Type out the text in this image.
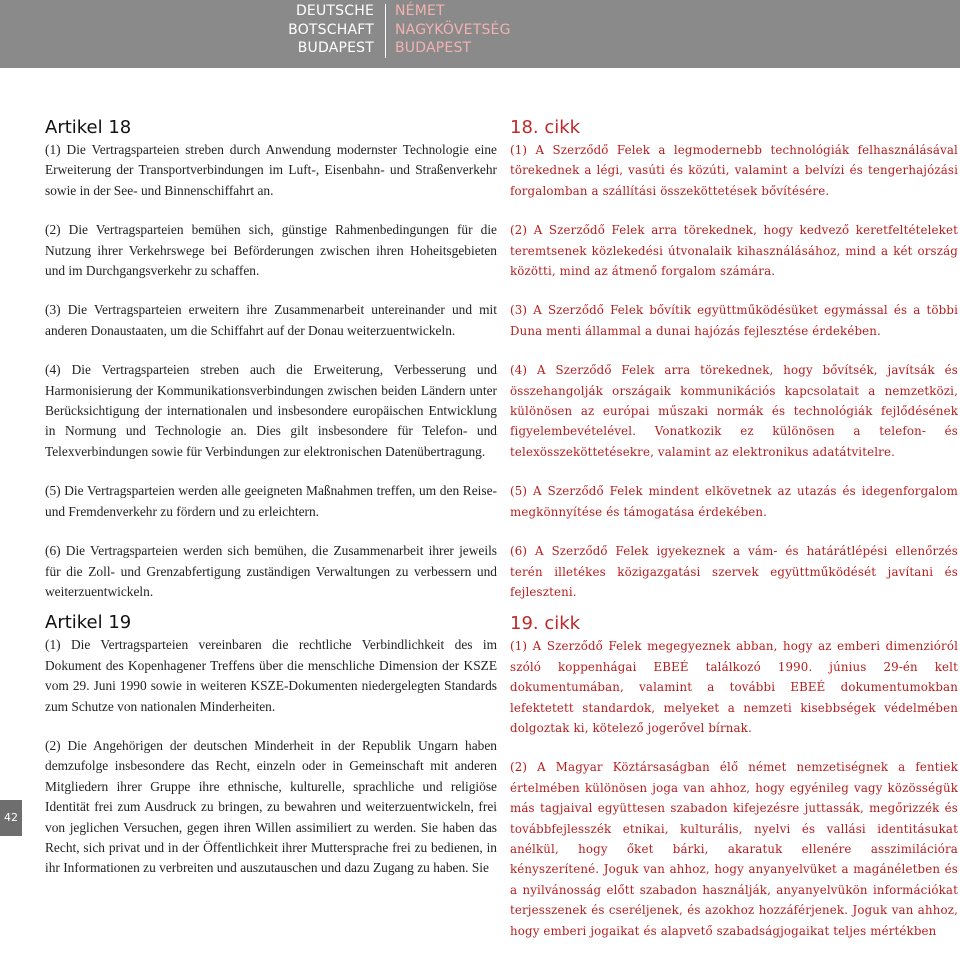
DEUTSCHE
BOTSCHAFT
BUDAPEST
NÉMET
NAGYKÖVETSÉG
BUDAPEST
Artikel 18

(1) Die Vertragsparteien streben durch Anwendung modernster Technologie eine Erweiterung der Transportverbindungen im Luft-, Eisenbahn- und Straßenverkehr sowie in der See- und Binnenschiffahrt an.

(2) Die Vertragsparteien bemühen sich, günstige Rahmenbedingungen für die Nutzung ihrer Verkehrswege bei Beförderungen zwischen ihren Hoheitsgebieten und im Durchgangsverkehr zu schaffen.

(3) Die Vertragsparteien erweitern ihre Zusammenarbeit untereinander und mit anderen Donaustaaten, um die Schiffahrt auf der Donau weiterzuentwickeln.

(4) Die Vertragsparteien streben auch die Erweiterung, Verbesserung und Harmonisierung der Kommunikationsverbindungen zwischen beiden Ländern unter Berücksichtigung der internationalen und insbesondere europäischen Entwicklung in Normung und Technologie an. Dies gilt insbesondere für Telefon- und Telexverbindungen sowie für Verbindungen zur elektronischen Datenübertragung.

(5) Die Vertragsparteien werden alle geeigneten Maßnahmen treffen, um den Reise- und Fremdenverkehr zu fördern und zu erleichtern.

(6) Die Vertragsparteien werden sich bemühen, die Zusammenarbeit ihrer jeweils für die Zoll- und Grenzabfertigung zuständigen Verwaltungen zu verbessern und weiterzuentwickeln.

Artikel 19

(1) Die Vertragsparteien vereinbaren die rechtliche Verbindlichkeit des im Dokument des Kopenhagener Treffens über die menschliche Dimension der KSZE vom 29. Juni 1990 sowie in weiteren KSZE-Dokumenten niedergelegten Standards zum Schutze von nationalen Minderheiten.

(2) Die Angehörigen der deutschen Minderheit in der Republik Ungarn haben demzufolge insbesondere das Recht, einzeln oder in Gemeinschaft mit anderen Mitgliedern ihrer Gruppe ihre ethnische, kulturelle, sprachliche und religiöse Identität frei zum Ausdruck zu bringen, zu bewahren und weiterzuentwickeln, frei von jeglichen Versuchen, gegen ihren Willen assimiliert zu werden. Sie haben das Recht, sich privat und in der Öffentlichkeit ihrer Muttersprache frei zu bedienen, in ihr Informationen zu verbreiten und auszutauschen und dazu Zugang zu haben. Sie

18. cikk

(1) A Szerződő Felek a legmodernebb technológiák felhasználásával törekednek a légi, vasúti és közúti, valamint a belvízi és tengerhajózási forgalomban a szállítási összeköttetések bővítésére.

(2) A Szerződő Felek arra törekednek, hogy kedvező keretfeltételeket teremtsenek közlekedési útvonalaik kihasználásához, mind a két ország közötti, mind az átmenő forgalom számára.

(3) A Szerződő Felek bővítik együttműködésüket egymással és a többi Duna menti állammal a dunai hajózás fejlesztése érdekében.

(4) A Szerződő Felek arra törekednek, hogy bővítsék, javítsák és összehangolják országaik kommunikációs kapcsolatait a nemzetközi, különösen az európai műszaki normák és technológiák fejlődésének figyelembevételével. Vonatkozik ez különösen a telefon- és telexösszeköttetésekre, valamint az elektronikus adatátvitelre.

(5) A Szerződő Felek mindent elkövetnek az utazás és idegenforgalom megkönnyítése és támogatása érdekében.

(6) A Szerződő Felek igyekeznek a vám- és határátlépési ellenőrzés terén illetékes közigazgatási szervek együttműködését javítani és fejleszteni.

19. cikk

(1) A Szerződő Felek megegyeznek abban, hogy az emberi dimenzióról szóló koppenhágai EBEÉ találkozó 1990. június 29-én kelt dokumentumában, valamint a további EBEÉ dokumentumokban lefektetett standardok, melyeket a nemzeti kisebbségek védelmében dolgoztak ki, kötelező jogerővel bírnak.

(2) A Magyar Köztársaságban élő német nemzetiségnek a fentiek értelmében különösen joga van ahhoz, hogy egyénileg vagy közösségük más tagjaival együttesen szabadon kifejezésre juttassák, megőrizzék és továbbfejlesszék etnikai, kulturális, nyelvi és vallási identitásukat anélkül, hogy őket bárki, akaratuk ellenére asszimilációra kényszerítené. Joguk van ahhoz, hogy anyanyelvüket a magánéletben és a nyilvánosság előtt szabadon használják, anyanyelvükön információkat terjesszenek és cseréljenek, és azokhoz hozzáférjenek. Joguk van ahhoz, hogy emberi jogaikat és alapvető szabadságjogaikat teljes mértékben

42
